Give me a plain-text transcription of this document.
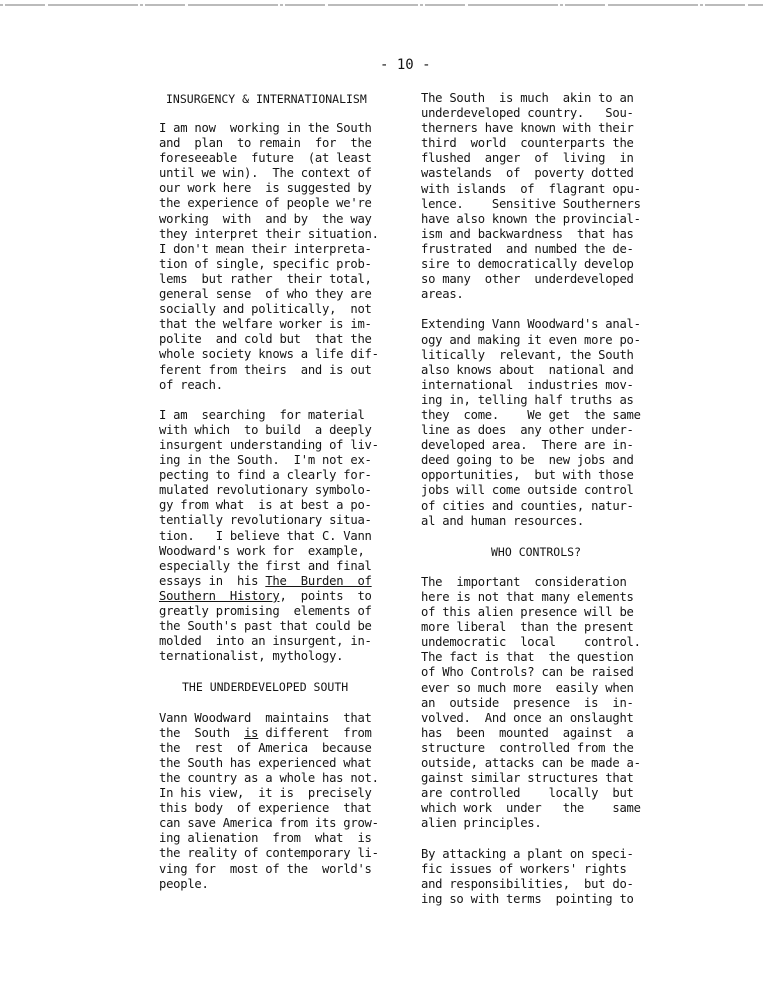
- 10 -
INSURGENCY & INTERNATIONALISM
I am now  working in the South
and  plan  to remain  for  the
foreseeable  future  (at least
until we win).  The context of
our work here  is suggested by
the experience of people we're
working  with  and by  the way
they interpret their situation.
I don't mean their interpreta-
tion of single, specific prob-
lems  but rather  their total,
general sense  of who they are
socially and politically,  not
that the welfare worker is im-
polite  and cold but  that the
whole society knows a life dif-
ferent from theirs  and is out
of reach.
I am  searching  for material
with which  to build  a deeply
insurgent understanding of liv-
ing in the South.  I'm not ex-
pecting to find a clearly for-
mulated revolutionary symbolo-
gy from what  is at best a po-
tentially revolutionary situa-
tion.   I believe that C. Vann
Woodward's work for  example,
especially the first and final
essays in  his The  Burden  of
Southern  History,  points  to
greatly promising  elements of
the South's past that could be
molded  into an insurgent, in-
ternationalist, mythology.
THE UNDERDEVELOPED SOUTH
Vann Woodward  maintains  that
the  South  is different  from
the  rest  of America  because
the South has experienced what
the country as a whole has not.
In his view,  it is  precisely
this body  of experience  that
can save America from its grow-
ing alienation  from  what  is
the reality of contemporary li-
ving for  most of the  world's
people.
The South  is much  akin to an
underdeveloped country.   Sou-
therners have known with their
third  world  counterparts the
flushed  anger  of  living  in
wastelands  of  poverty dotted
with islands  of  flagrant opu-
lence.    Sensitive Southerners
have also known the provincial-
ism and backwardness  that has
frustrated  and numbed the de-
sire to democratically develop
so many  other  underdeveloped
areas.
Extending Vann Woodward's anal-
ogy and making it even more po-
litically  relevant, the South
also knows about  national and
international  industries mov-
ing in, telling half truths as
they  come.    We get  the same
line as does  any other under-
developed area.  There are in-
deed going to be  new jobs and
opportunities,  but with those
jobs will come outside control
of cities and counties, natur-
al and human resources.
WHO CONTROLS?
The  important  consideration
here is not that many elements
of this alien presence will be
more liberal  than the present
undemocratic  local    control.
The fact is that  the question
of Who Controls? can be raised
ever so much more  easily when
an  outside  presence  is  in-
volved.  And once an onslaught
has  been  mounted  against  a
structure  controlled from the
outside, attacks can be made a-
gainst similar structures that
are controlled    locally  but
which work  under   the    same
alien principles.
By attacking a plant on speci-
fic issues of workers' rights
and responsibilities,  but do-
ing so with terms  pointing to
